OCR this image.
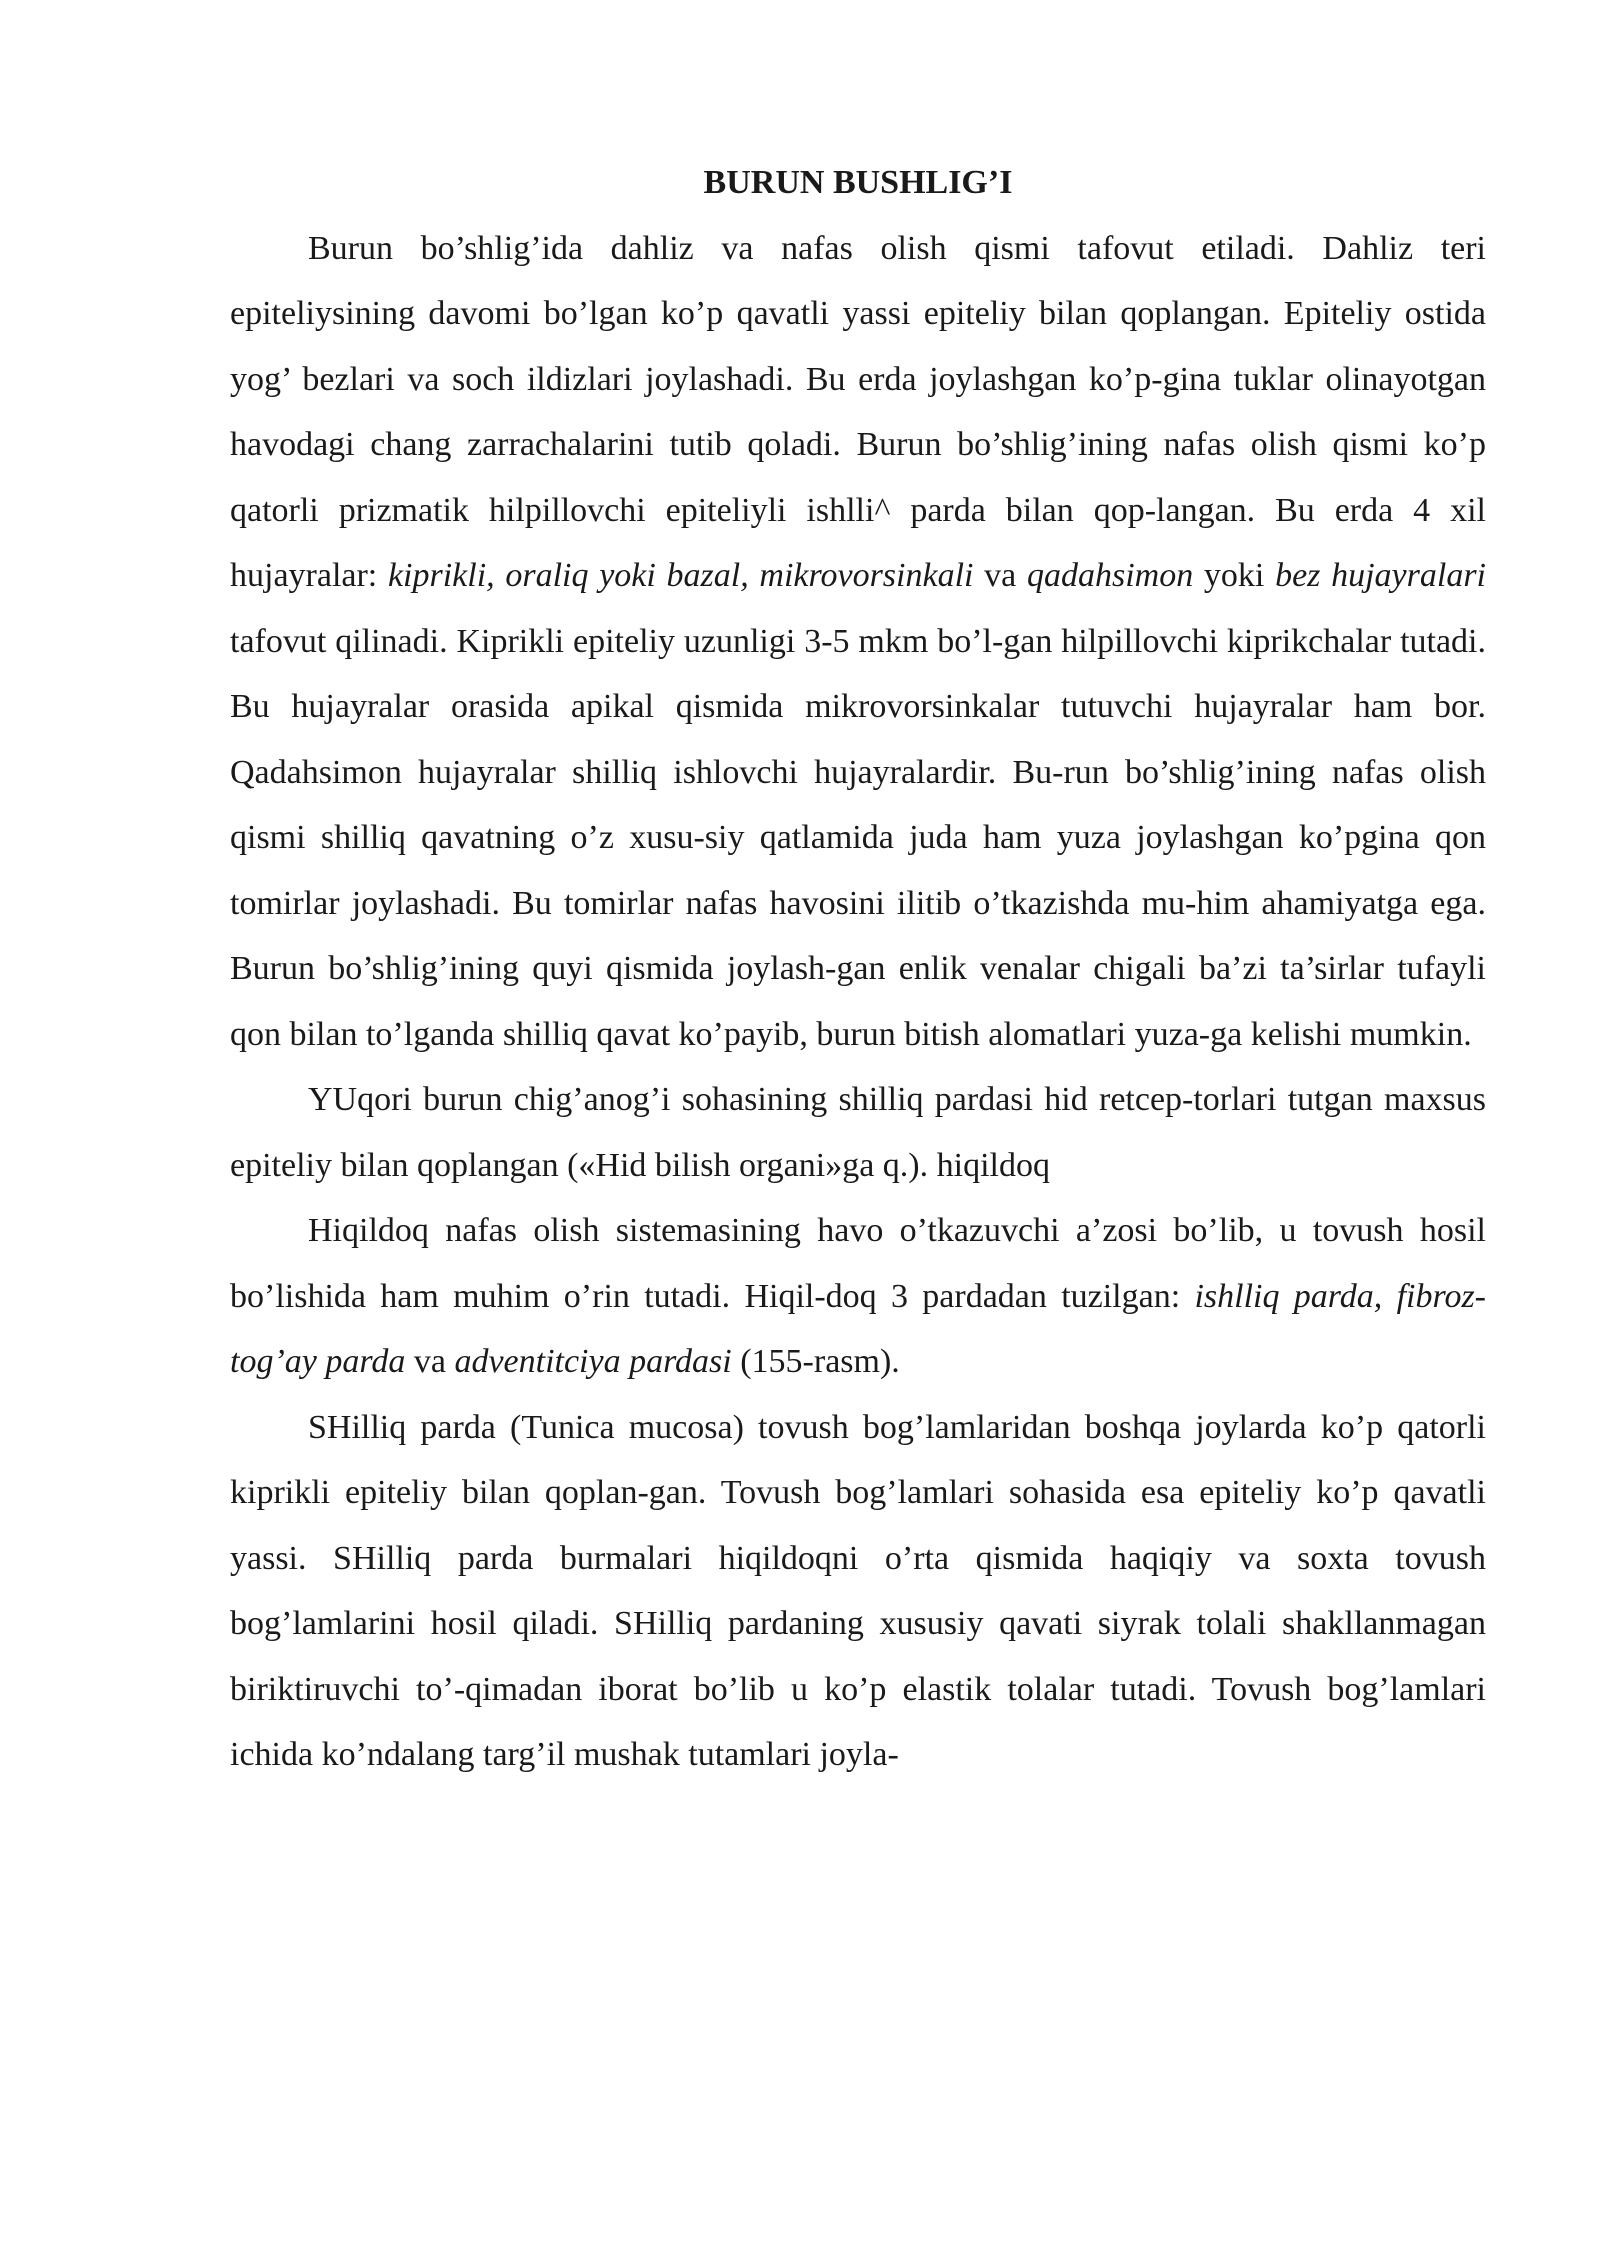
BURUN BUSHLIG’I

Burun bo’shlig’ida dahliz va nafas olish qismi tafovut etiladi. Dahliz teri epiteliysining davomi bo’lgan ko’p qavatli yassi epiteliy bilan qoplangan. Epiteliy ostida yog’ bezlari va soch ildizlari joylashadi. Bu erda joylashgan ko’p-gina tuklar olinayotgan havodagi chang zarrachalarini tutib qoladi. Burun bo’shlig’ining nafas olish qismi ko’p qatorli prizmatik hilpillovchi epiteliyli ishlli^ parda bilan qop-langan. Bu erda 4 xil hujayralar: kiprikli, oraliq yoki bazal, mikrovorsinkali va qadahsimon yoki bez hujayralari tafovut qilinadi. Kiprikli epiteliy uzunligi 3-5 mkm bo’l-gan hilpillovchi kiprikchalar tutadi. Bu hujayralar orasida apikal qismida mikrovorsinkalar tutuvchi hujayralar ham bor. Qadahsimon hujayralar shilliq ishlovchi hujayralardir. Bu-run bo’shlig’ining nafas olish qismi shilliq qavatning o’z xusu-siy qatlamida juda ham yuza joylashgan ko’pgina qon tomirlar joylashadi. Bu tomirlar nafas havosini ilitib o’tkazishda mu-him ahamiyatga ega. Burun bo’shlig’ining quyi qismida joylash-gan enlik venalar chigali ba’zi ta’sirlar tufayli qon bilan to’lganda shilliq qavat ko’payib, burun bitish alomatlari yuza-ga kelishi mumkin.

YUqori burun chig’anog’i sohasining shilliq pardasi hid retcep-torlari tutgan maxsus epiteliy bilan qoplangan («Hid bilish organi»ga q.). hiqildoq

Hiqildoq nafas olish sistemasining havo o’tkazuvchi a’zosi bo’lib, u tovush hosil bo’lishida ham muhim o’rin tutadi. Hiqil-doq 3 pardadan tuzilgan: ishlliq parda, fibroz-tog’ay parda va adventitciya pardasi (155-rasm).

SHilliq parda (Tunica mucosa) tovush bog’lamlaridan boshqa joylarda ko’p qatorli kiprikli epiteliy bilan qoplan-gan. Tovush bog’lamlari sohasida esa epiteliy ko’p qavatli yassi. SHilliq parda burmalari hiqildoqni o’rta qismida haqiqiy va soxta tovush bog’lamlarini hosil qiladi. SHilliq pardaning xususiy qavati siyrak tolali shakllanmagan biriktiruvchi to’-qimadan iborat bo’lib u ko’p elastik tolalar tutadi. Tovush bog’lamlari ichida ko’ndalang targ’il mushak tutamlari joyla-
